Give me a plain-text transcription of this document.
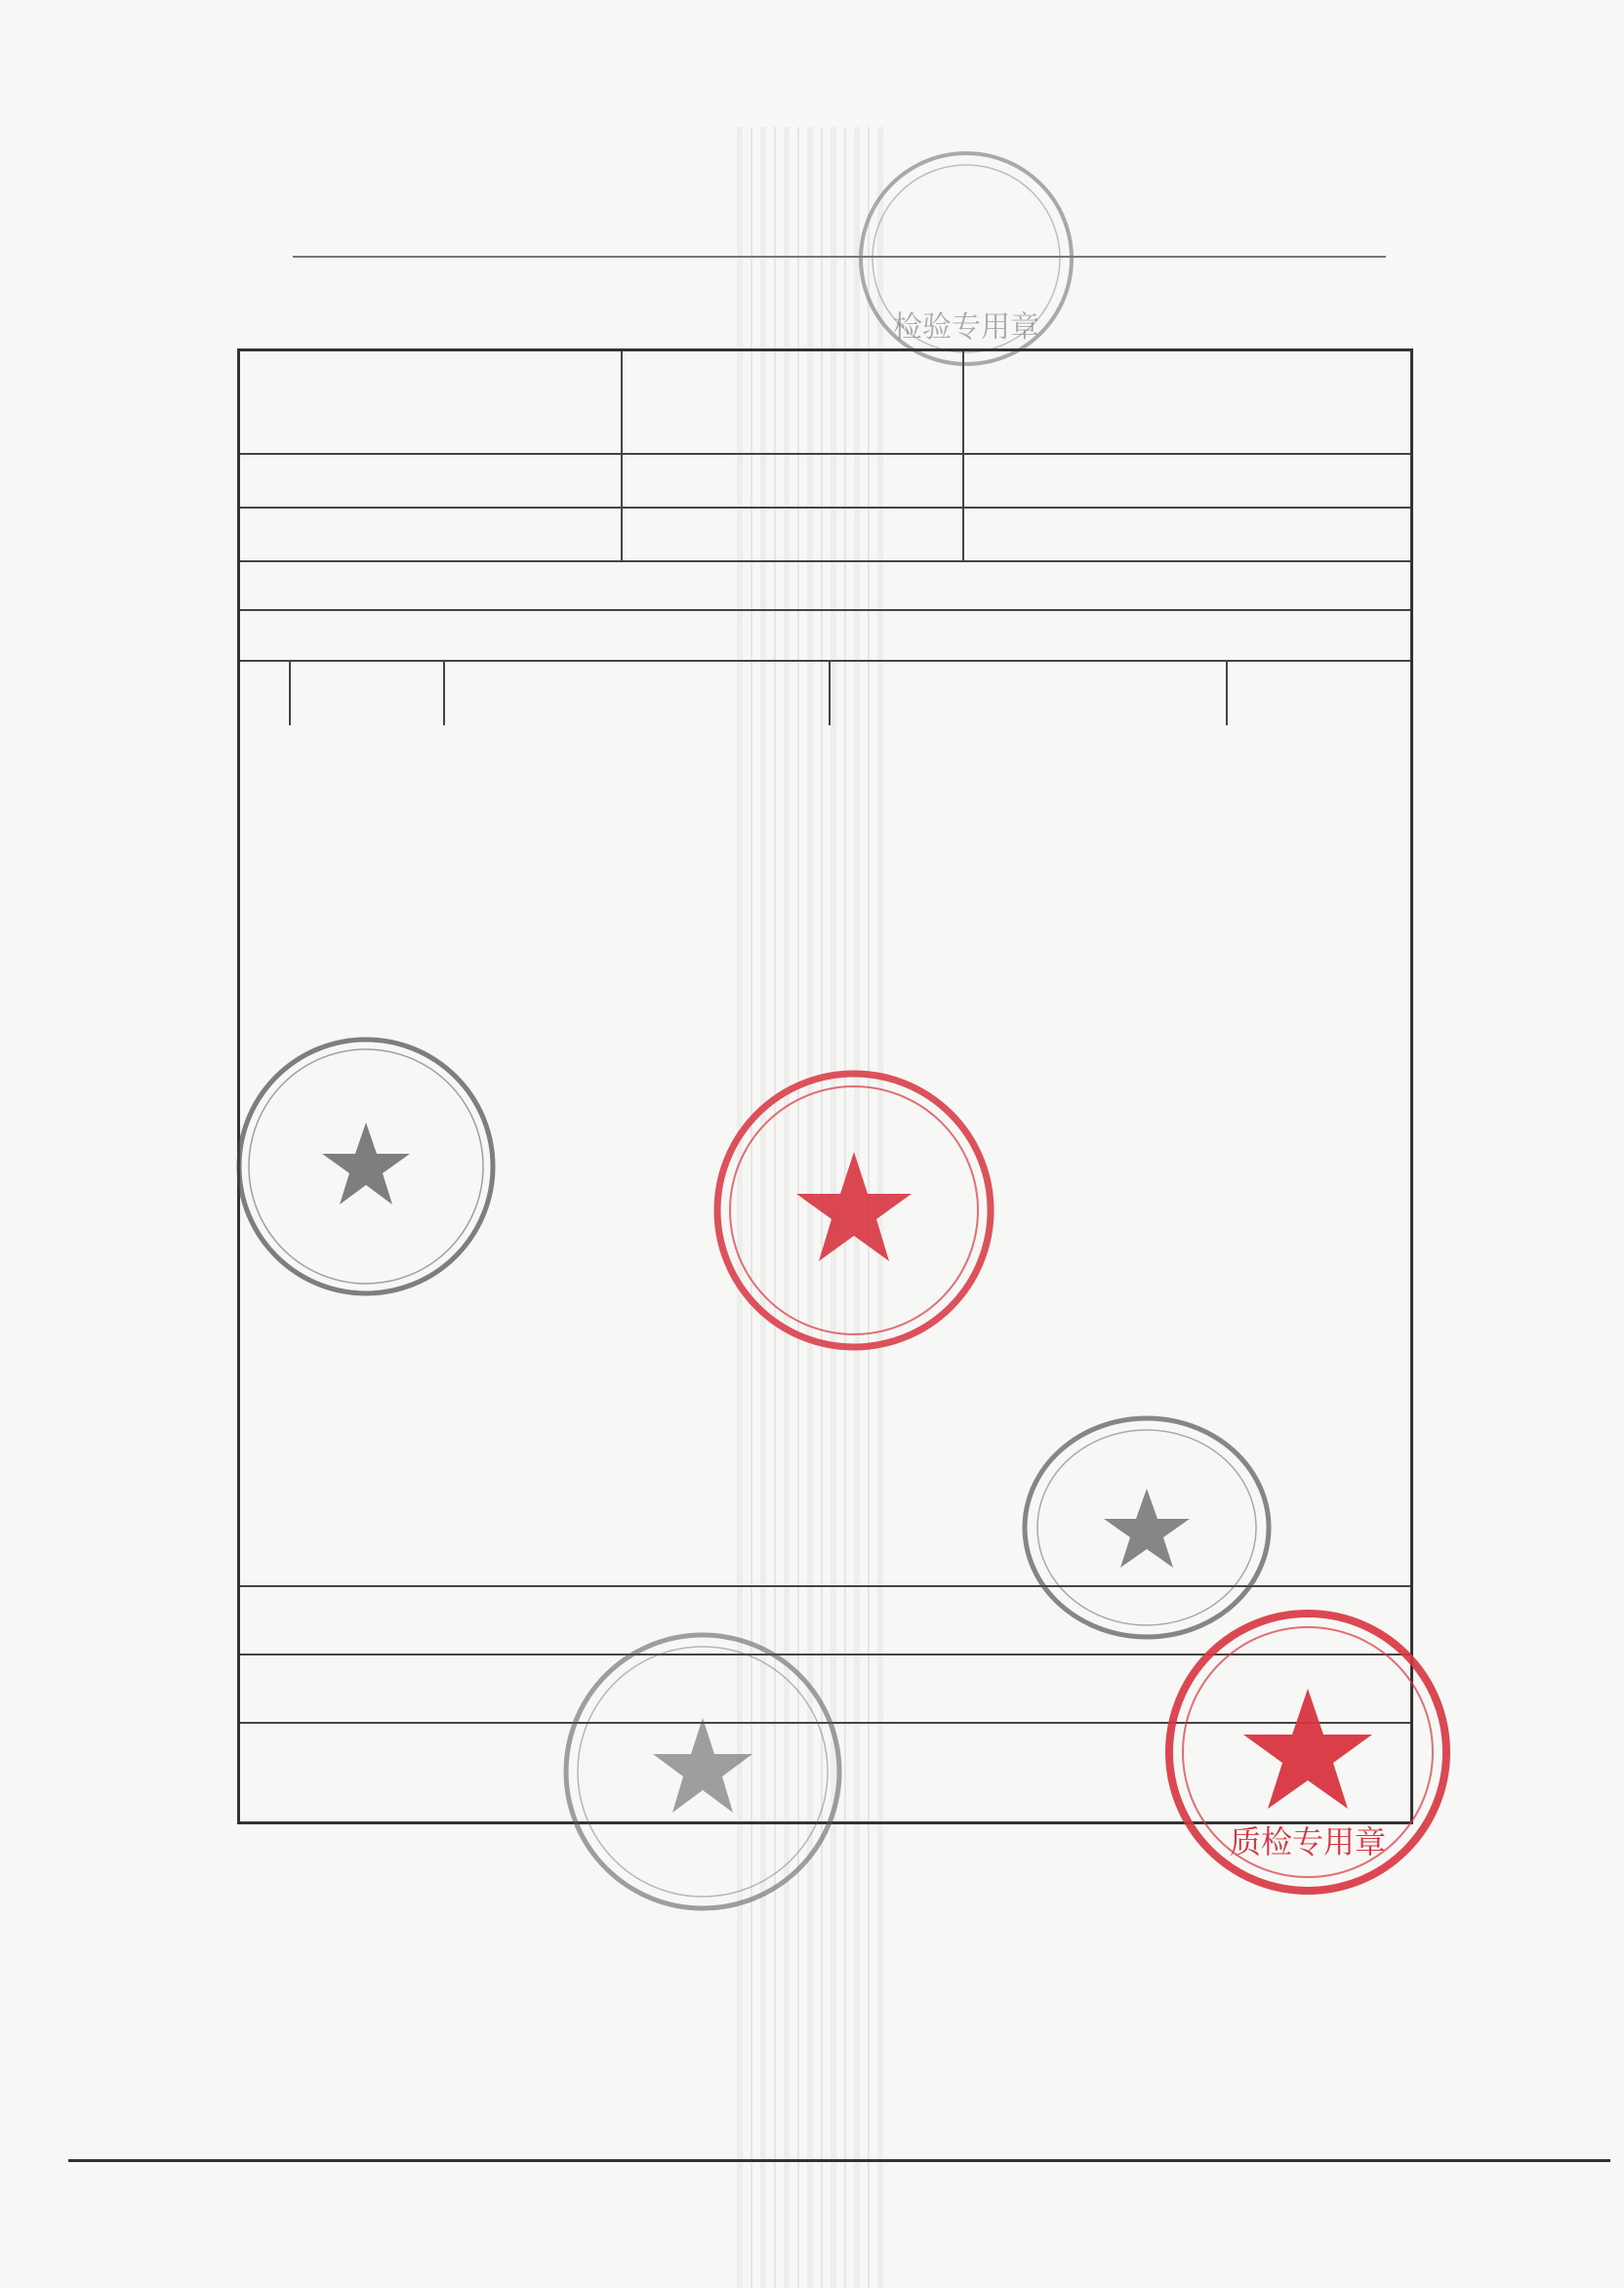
检验专用章
质检专用章
